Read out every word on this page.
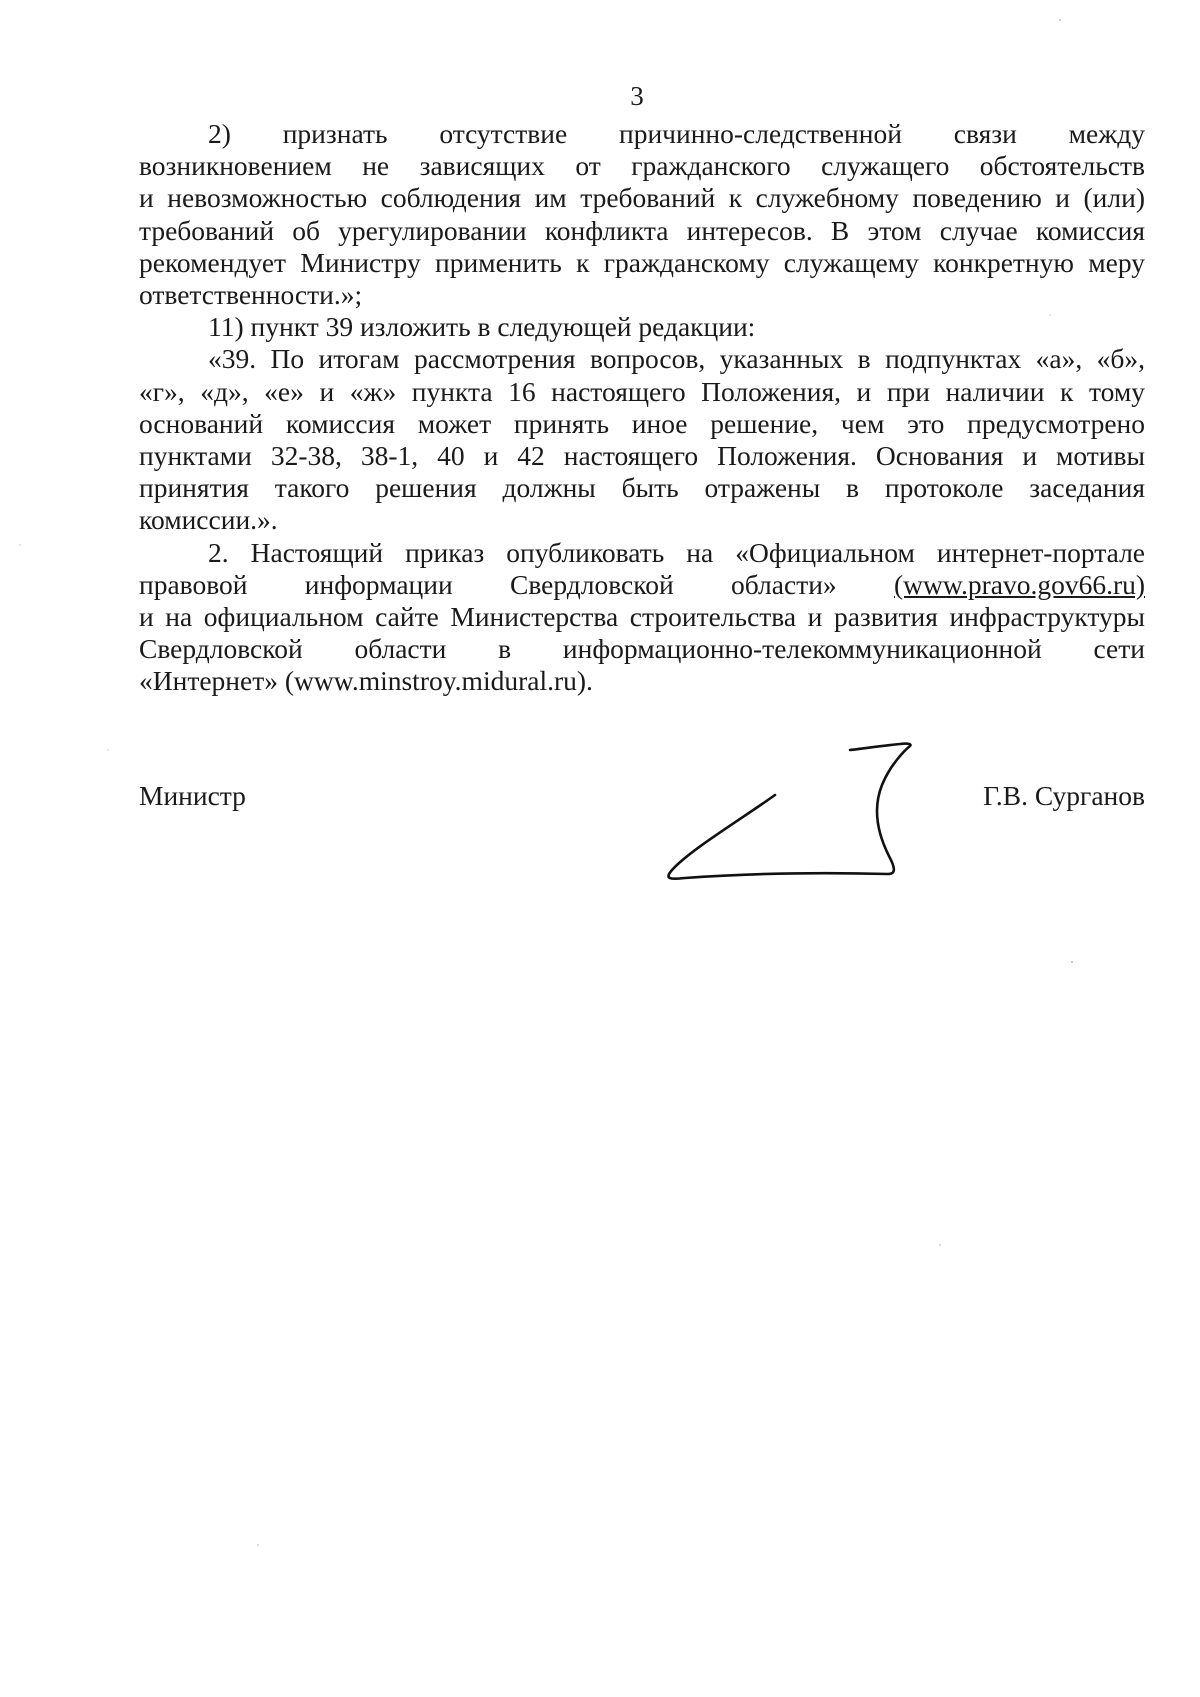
3
2) признать отсутствие причинно-следственной связи между
возникновением не зависящих от гражданского служащего обстоятельств
и невозможностью соблюдения им требований к служебному поведению и (или)
требований об урегулировании конфликта интересов. В этом случае комиссия
рекомендует Министру применить к гражданскому служащему конкретную меру
ответственности.»;
11) пункт 39 изложить в следующей редакции:
«39. По итогам рассмотрения вопросов, указанных в подпунктах «а», «б»,
«г», «д», «е» и «ж» пункта 16 настоящего Положения, и при наличии к тому
оснований комиссия может принять иное решение, чем это предусмотрено
пунктами 32-38, 38-1, 40 и 42 настоящего Положения. Основания и мотивы
принятия такого решения должны быть отражены в протоколе заседания
комиссии.».
2. Настоящий приказ опубликовать на «Официальном интернет-портале
правовой информации Свердловской области» (www.pravo.gov66.ru)
и на официальном сайте Министерства строительства и развития инфраструктуры
Свердловской области в информационно-телекоммуникационной сети
«Интернет» (www.minstroy.midural.ru).
Министр	Г.В. Сурганов
